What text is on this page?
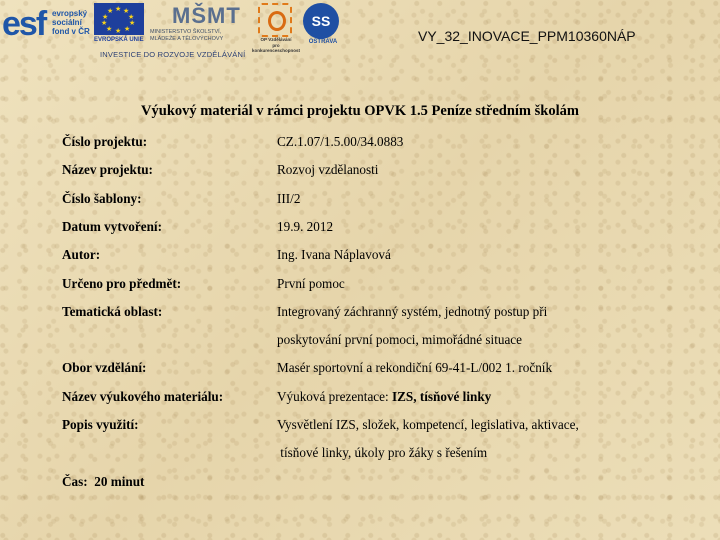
esf evropský
sociální
fond v ČR
★ ★
★
★
★
★
★
★
★
★
EVROPSKÁ UNIE
MŠMT
MINISTERSTVO ŠKOLSTVÍ,
MLÁDEŽE A TĚLOVÝCHOVY	OP Vzdělávání
pro konkurenceschopnost
SS
OSTRAVA
INVESTICE DO ROZVOJE VZDĚLÁVÁNÍ
VY_32_INOVACE_PPM10360NÁP
Výukový materiál v rámci projektu OPVK 1.5 Peníze středním školám
Číslo projektu:	CZ.1.07/1.5.00/34.0883
Název projektu:	Rozvoj vzdělanosti
Číslo šablony:	III/2
Datum vytvoření:	19.9. 2012
Autor:	Ing. Ivana Náplavová
Určeno pro předmět:	První pomoc
Tematická oblast:	Integrovaný záchranný systém, jednotný postup při
poskytování první pomoci, mimořádné situace
Obor vzdělání:	Masér sportovní a rekondiční 69-41-L/002 1. ročník
Název výukového materiálu:	Výuková prezentace: IZS, tísňové linky
Popis využití:	Vysvětlení IZS, složek, kompetencí, legislativa, aktivace,
tísňové linky, úkoly pro žáky s řešením
Čas:  20 minut
